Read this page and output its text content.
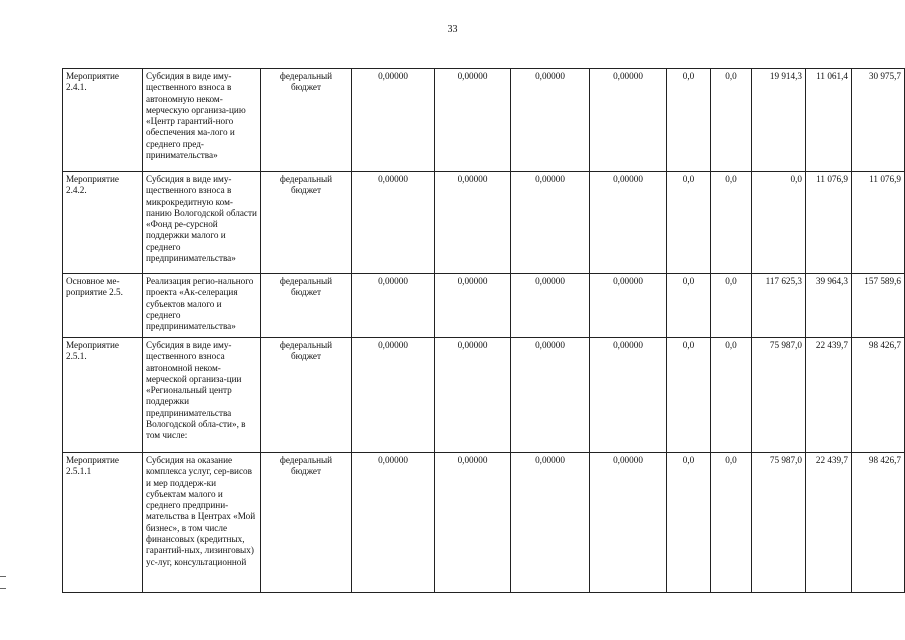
33
Мероприятие 2.4.1.	Субсидия в виде иму-щественного взноса в автономную неком-мерческую организа-цию «Центр гарантий-ного обеспечения ма-лого и среднего пред-принимательства»	федеральный бюджет	0,00000	0,00000	0,00000	0,00000	0,0	0,0	19 914,3	11 061,4	30 975,7
Мероприятие 2.4.2.	Субсидия в виде иму-щественного взноса в микрокредитную ком-панию Вологодской области «Фонд ре-сурсной поддержки малого и среднего предпринимательства»	федеральный бюджет	0,00000	0,00000	0,00000	0,00000	0,0	0,0	0,0	11 076,9	11 076,9
Основное ме-роприятие 2.5.	Реализация регио-нального проекта «Ак-селерация субъектов малого и среднего предпринимательства»	федеральный бюджет	0,00000	0,00000	0,00000	0,00000	0,0	0,0	117 625,3	39 964,3	157 589,6
Мероприятие 2.5.1.	Субсидия в виде иму-щественного взноса автономной неком-мерческой организа-ции «Региональный центр поддержки предпринимательства Вологодской обла-сти», в том числе:	федеральный бюджет	0,00000	0,00000	0,00000	0,00000	0,0	0,0	75 987,0	22 439,7	98 426,7
Мероприятие 2.5.1.1	Субсидия на оказание комплекса услуг, сер-висов и мер поддерж-ки субъектам малого и среднего предприни-мательства в Центрах «Мой бизнес», в том числе финансовых (кредитных, гарантий-ных, лизинговых) ус-луг, консультационной	федеральный бюджет	0,00000	0,00000	0,00000	0,00000	0,0	0,0	75 987,0	22 439,7	98 426,7
